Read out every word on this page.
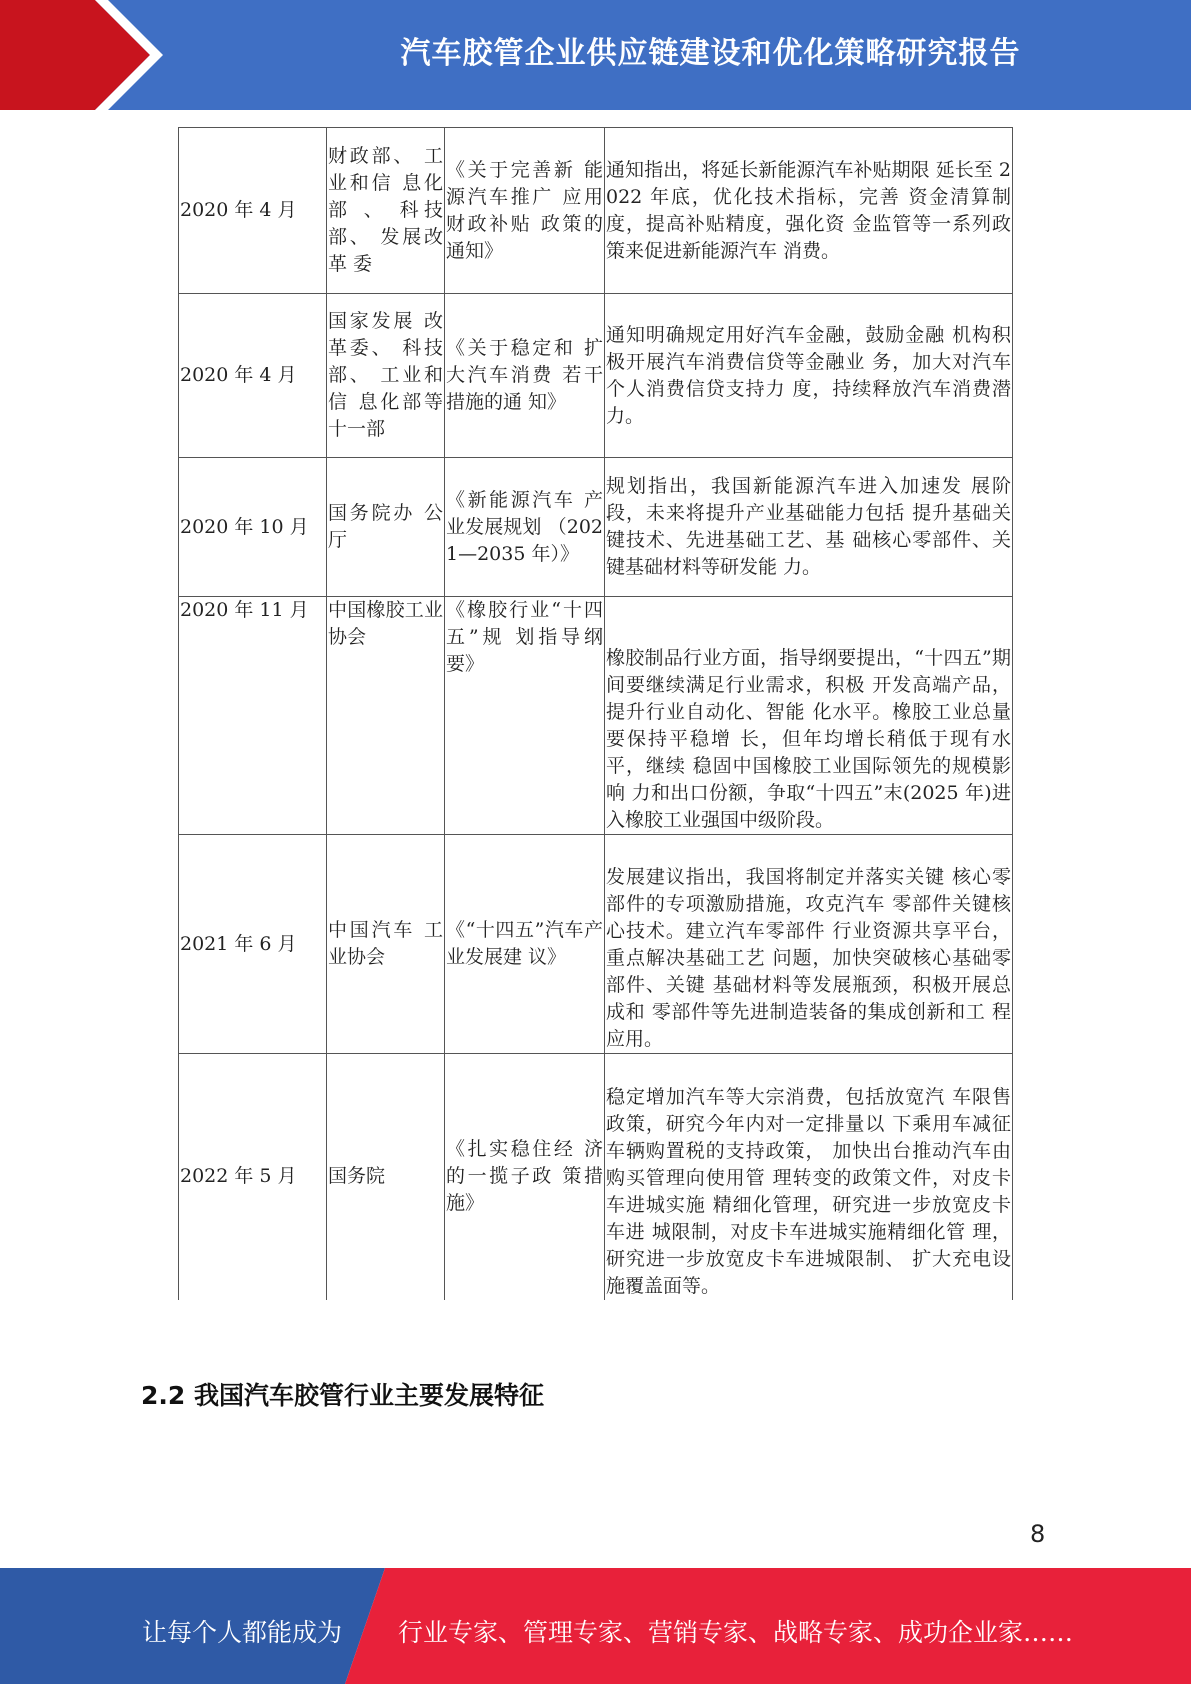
汽车胶管企业供应链建设和优化策略研究报告
2020 年 4 月	财政部、 工业和信 息化部 、 科技部、 发展改革 委	《关于完善新 能源汽车推广 应用财政补贴 政策的通知》	通知指出，将延长新能源汽车补贴期限 延长至 2022 年底，优化技术指标，完善 资金清算制度，提高补贴精度，强化资 金监管等一系列政策来促进新能源汽车 消费。
2020 年 4 月	国家发展 改革委、 科技部、 工业和信 息化部等 十一部	《关于稳定和 扩大汽车消费 若干措施的通 知》	通知明确规定用好汽车金融，鼓励金融 机构积极开展汽车消费信贷等金融业 务，加大对汽车个人消费信贷支持力 度，持续释放汽车消费潜力。
2020 年 10 月	国务院办 公厅	《新能源汽车 产业发展规划 （2021—2035 年）》	规划指出，我国新能源汽车进入加速发 展阶段，未来将提升产业基础能力包括 提升基础关键技术、先进基础工艺、基 础核心零部件、关键基础材料等研发能 力。
2020 年 11 月	中国橡胶工业协会	《橡胶行业“十四五”规 划指导纲要》	橡胶制品行业方面，指导纲要提出，“十四五”期间要继续满足行业需求，积极 开发高端产品，提升行业自动化、智能 化水平。橡胶工业总量要保持平稳增 长，但年均增长稍低于现有水平，继续 稳固中国橡胶工业国际领先的规模影响 力和出口份额，争取“十四五”末(2025 年)进入橡胶工业强国中级阶段。
2021 年 6 月	中国汽车 工业协会	《“十四五”汽车产业发展建 议》	发展建议指出，我国将制定并落实关键 核心零部件的专项激励措施，攻克汽车 零部件关键核心技术。建立汽车零部件 行业资源共享平台，重点解决基础工艺 问题，加快突破核心基础零部件、关键 基础材料等发展瓶颈，积极开展总成和 零部件等先进制造装备的集成创新和工 程应用。
2022 年 5 月	国务院	《扎实稳住经 济的一揽子政 策措施》	稳定增加汽车等大宗消费，包括放宽汽 车限售政策，研究今年内对一定排量以 下乘用车减征车辆购置税的支持政策， 加快出台推动汽车由购买管理向使用管 理转变的政策文件，对皮卡车进城实施 精细化管理，研究进一步放宽皮卡车进 城限制，对皮卡车进城实施精细化管 理，研究进一步放宽皮卡车进城限制、 扩大充电设施覆盖面等。
2.2 我国汽车胶管行业主要发展特征
8
让每个人都能成为 行业专家、管理专家、营销专家、战略专家、成功企业家……
